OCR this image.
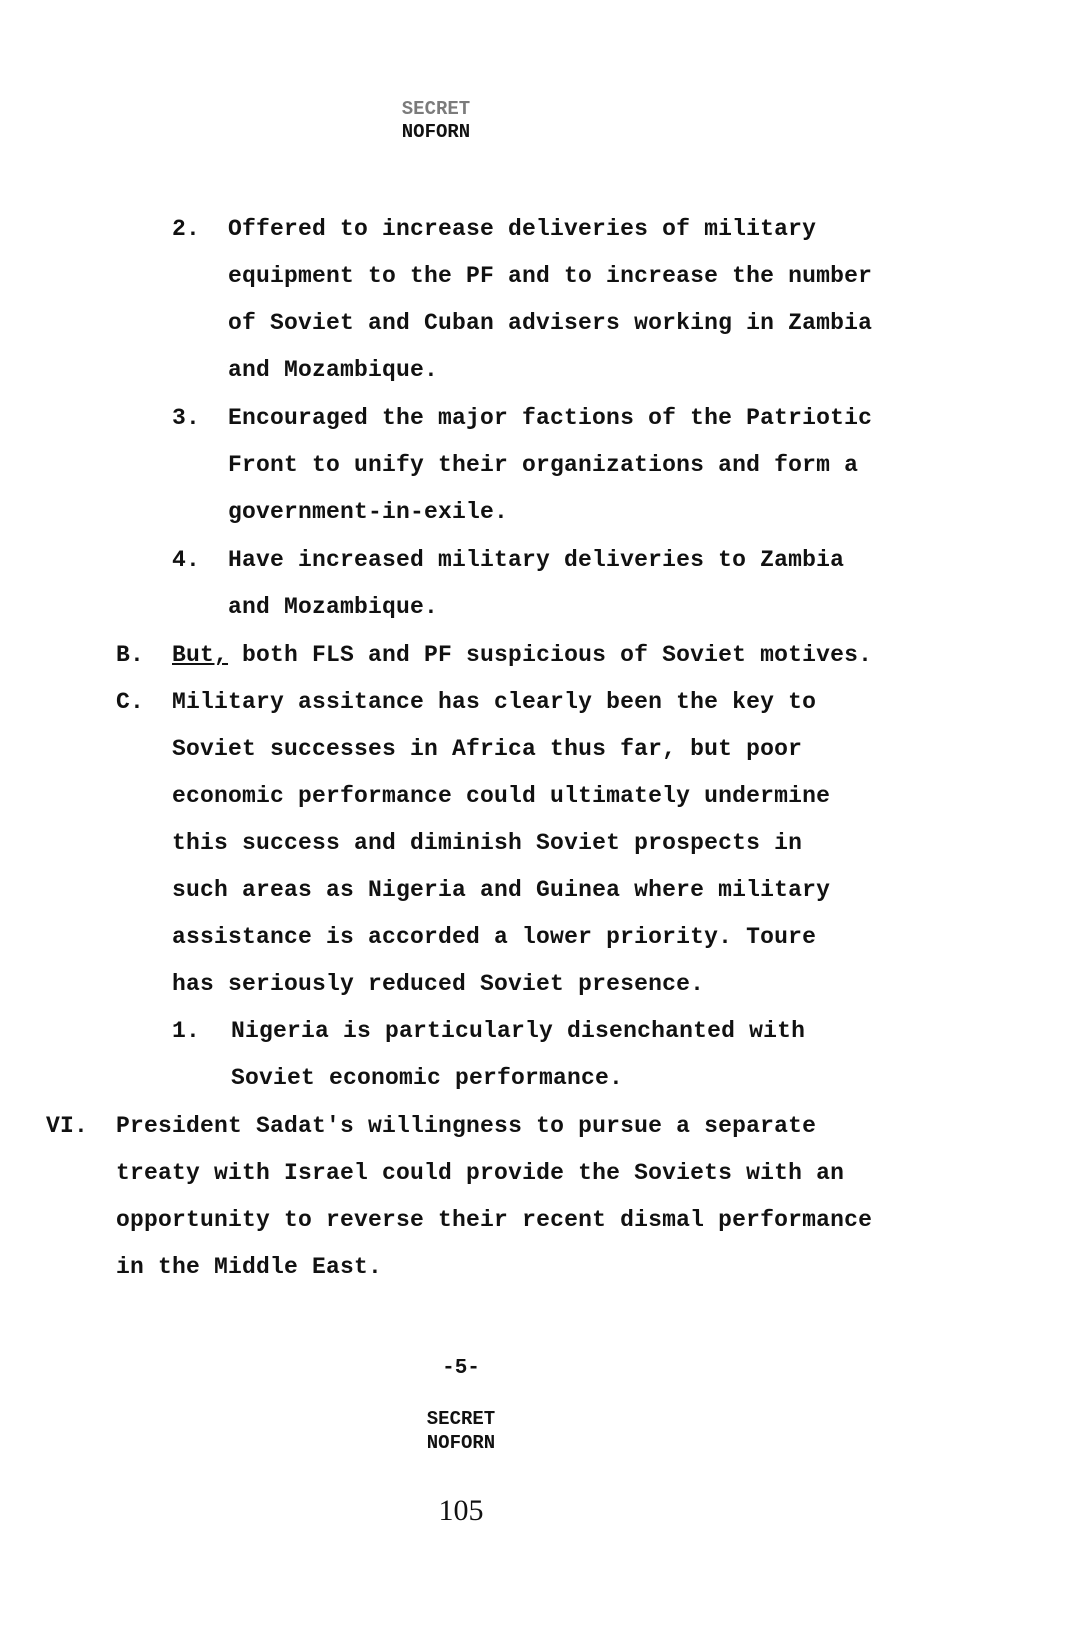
SECRET
NOFORN
2. Offered to increase deliveries of military
equipment to the PF and to increase the number
of Soviet and Cuban advisers working in Zambia
and Mozambique.
3. Encouraged the major factions of the Patriotic
Front to unify their organizations and form a
government-in-exile.
4. Have increased military deliveries to Zambia
and Mozambique.
B. But, both FLS and PF suspicious of Soviet motives.
C. Military assitance has clearly been the key to
Soviet successes in Africa thus far, but poor
economic performance could ultimately undermine
this success and diminish Soviet prospects in
such areas as Nigeria and Guinea where military
assistance is accorded a lower priority. Toure
has seriously reduced Soviet presence.
1. Nigeria is particularly disenchanted with
Soviet economic performance.
VI. President Sadat's willingness to pursue a separate
treaty with Israel could provide the Soviets with an
opportunity to reverse their recent dismal performance
in the Middle East.
-5-
SECRET
NOFORN
105
